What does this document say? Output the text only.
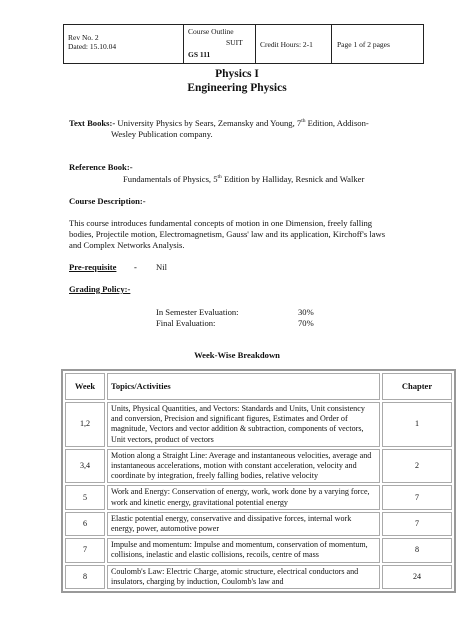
Rev No. 2
Dated: 15.10.04
Course Outline
SUIT
GS 111
Credit Hours: 2-1	Page 1 of 2 pages
Physics I
Engineering Physics
Text Books:- University Physics by Sears, Zemansky and Young, 7th Edition, Addison-
Wesley Publication company.
Reference Book:-
Fundamentals of Physics, 5th Edition by Halliday, Resnick and Walker
Course Description:-
This course introduces fundamental concepts of motion in one Dimension, freely falling
bodies, Projectile motion, Electromagnetism, Gauss' law and its application, Kirchoff's laws
and Complex Networks Analysis.
Pre-requisite - Nil
Grading Policy:-
In Semester Evaluation:	30%
Final Evaluation:	70%
Week-Wise Breakdown
Week	Topics/Activities	Chapter
1,2	Units, Physical Quantities, and Vectors: Standards and Units, Unit consistency and conversion, Precision and significant figures, Estimates and Order of magnitude, Vectors and vector addition & subtraction, components of vectors, Unit vectors, product of vectors	1
3,4	Motion along a Straight Line: Average and instantaneous velocities, average and instantaneous accelerations, motion with constant acceleration, velocity and coordinate by integration, freely falling bodies, relative velocity	2
5	Work and Energy: Conservation of energy, work, work done by a varying force, work and kinetic energy, gravitational potential energy	7
6	Elastic potential energy, conservative and dissipative forces, internal work energy, power, automotive power	7
7	Impulse and momentum: Impulse and momentum, conservation of momentum, collisions, inelastic and elastic collisions, recoils, centre of mass	8
8	Coulomb's Law: Electric Charge, atomic structure, electrical conductors and insulators, charging by induction, Coulomb's law and	24
